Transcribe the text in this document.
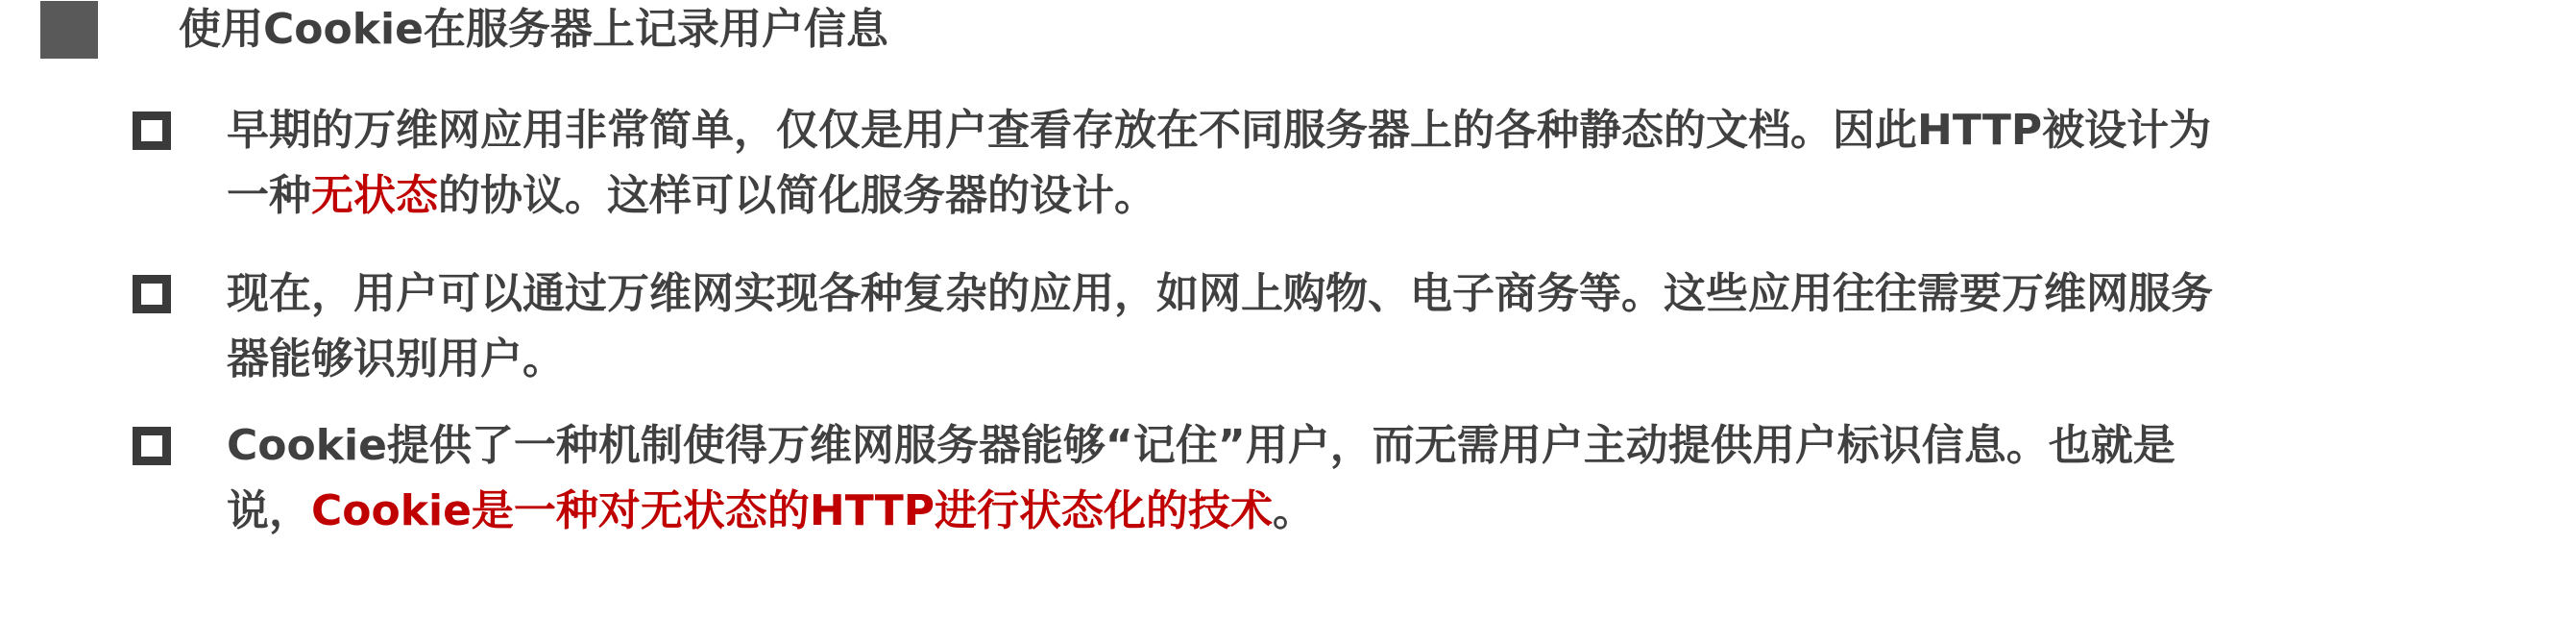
使用Cookie在服务器上记录用户信息
早期的万维网应用非常简单，仅仅是用户查看存放在不同服务器上的各种静态的文档。因此HTTP被设计为
一种无状态的协议。这样可以简化服务器的设计。
现在，用户可以通过万维网实现各种复杂的应用，如网上购物、电子商务等。这些应用往往需要万维网服务
器能够识别用户。
Cookie提供了一种机制使得万维网服务器能够“记住”用户，而无需用户主动提供用户标识信息。也就是
说，Cookie是一种对无状态的HTTP进行状态化的技术。
